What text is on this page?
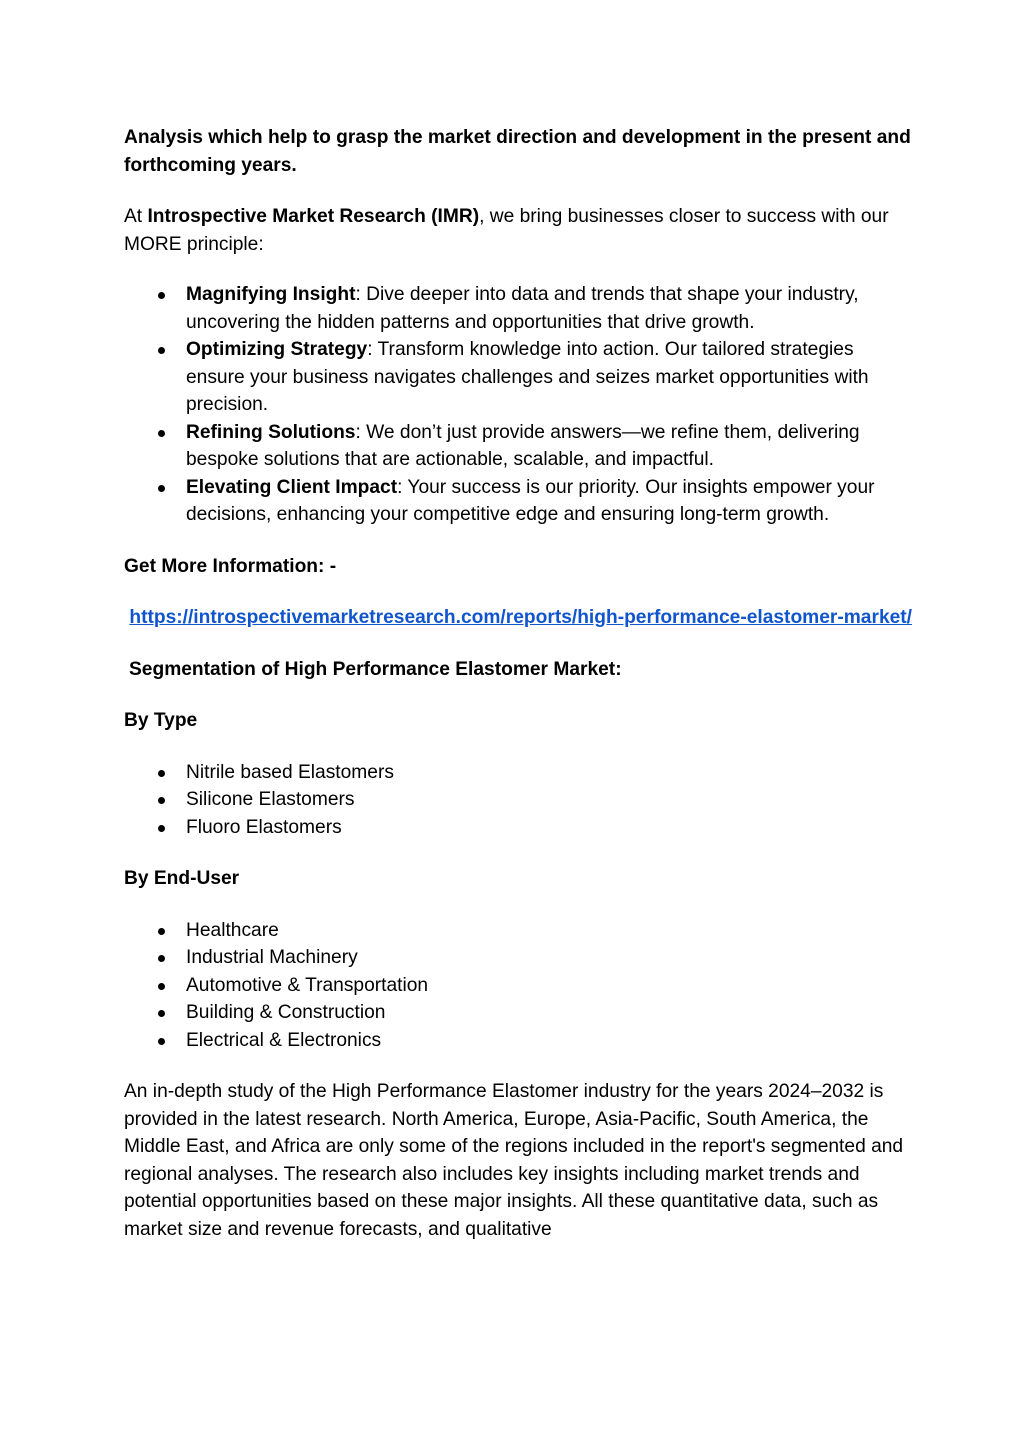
Analysis which help to grasp the market direction and development in the present and forthcoming years.

At Introspective Market Research (IMR), we bring businesses closer to success with our MORE principle:

Magnifying Insight: Dive deeper into data and trends that shape your industry, uncovering the hidden patterns and opportunities that drive growth.
Optimizing Strategy: Transform knowledge into action. Our tailored strategies ensure your business navigates challenges and seizes market opportunities with precision.
Refining Solutions: We don’t just provide answers—we refine them, delivering bespoke solutions that are actionable, scalable, and impactful.
Elevating Client Impact: Your success is our priority. Our insights empower your decisions, enhancing your competitive edge and ensuring long-term growth.

Get More Information: -

https://introspectivemarketresearch.com/reports/high-performance-elastomer-market/

Segmentation of High Performance Elastomer Market:

By Type

Nitrile based Elastomers
Silicone Elastomers
Fluoro Elastomers

By End-User

Healthcare
Industrial Machinery
Automotive & Transportation
Building & Construction
Electrical & Electronics

An in-depth study of the High Performance Elastomer industry for the years 2024–2032 is provided in the latest research. North America, Europe, Asia-Pacific, South America, the Middle East, and Africa are only some of the regions included in the report's segmented and regional analyses. The research also includes key insights including market trends and potential opportunities based on these major insights. All these quantitative data, such as market size and revenue forecasts, and qualitative
